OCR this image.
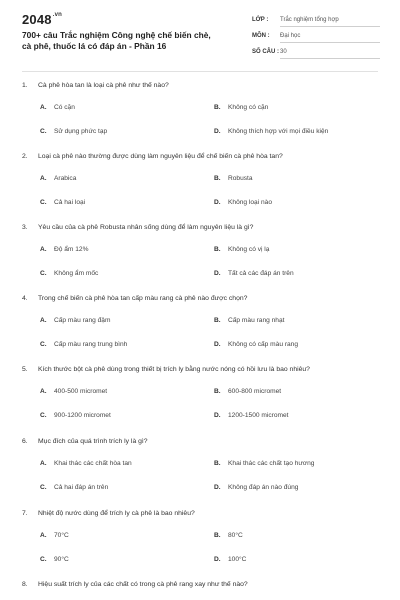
$2048^{.vn}$
700+ câu Trắc nghiệm Công nghệ chế biến chè, cà phê, thuốc lá có đáp án - Phần 16
LỚP : Trắc nghiệm tổng hợp
MÔN : Đại học
SỐ CÂU : 30
1. Cà phê hòa tan là loại cà phê như thế nào?
A. Có cặn	B. Không có cặn
C. Sử dụng phức tạp	D. Không thích hợp với mọi điều kiện
2. Loại cà phê nào thường được dùng làm nguyên liệu để chế biến cà phê hòa tan?
A. Arabica	B. Robusta
C. Cả hai loại	D. Không loại nào
3. Yêu cầu của cà phê Robusta nhân sống dùng để làm nguyên liệu là gì?
A. Độ ẩm 12%	B. Không có vị lạ
C. Không ẩm mốc	D. Tất cả các đáp án trên
4. Trong chế biến cà phê hòa tan cấp màu rang cà phê nào được chọn?
A. Cấp màu rang đậm	B. Cấp màu rang nhạt
C. Cấp màu rang trung bình	D. Không có cấp màu rang
5. Kích thước bột cà phê dùng trong thiết bị trích ly bằng nước nóng có hồi lưu là bao nhiêu?
A. 400-500 micromet	B. 600-800 micromet
C. 900-1200 micromet	D. 1200-1500 micromet
6. Mục đích của quá trình trích ly là gì?
A. Khai thác các chất hòa tan	B. Khai thác các chất tạo hương
C. Cả hai đáp án trên	D. Không đáp án nào đúng
7. Nhiệt độ nước dùng để trích ly cà phê là bao nhiêu?
A. 70°C	B. 80°C
C. 90°C	D. 100°C
8. Hiệu suất trích ly của các chất có trong cà phê rang xay như thế nào?
